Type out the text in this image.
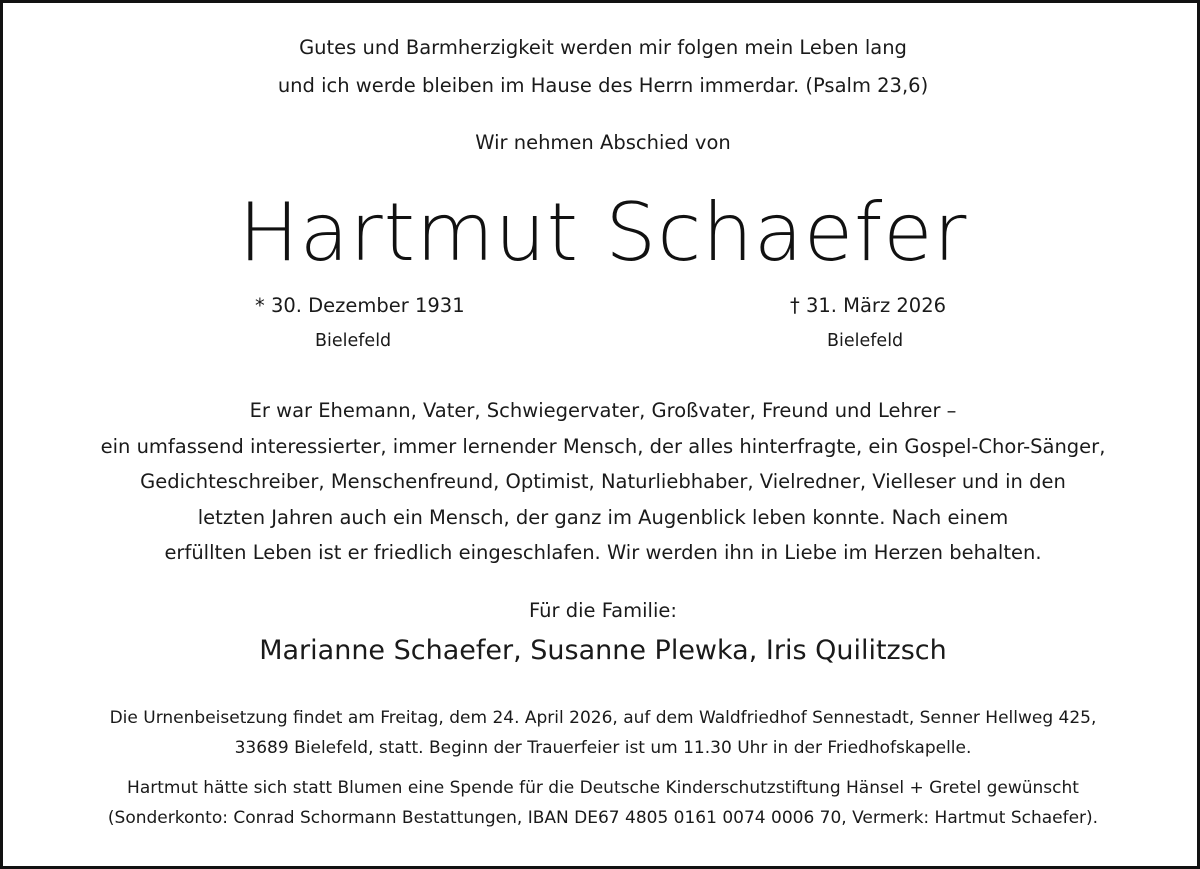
Gutes und Barmherzigkeit werden mir folgen mein Leben lang
und ich werde bleiben im Hause des Herrn immerdar. (Psalm 23,6)
Wir nehmen Abschied von
Hartmut Schaefer
* 30. Dezember 1931
Bielefeld
† 31. März 2026
Bielefeld
Er war Ehemann, Vater, Schwiegervater, Großvater, Freund und Lehrer –
ein umfassend interessierter, immer lernender Mensch, der alles hinterfragte, ein Gospel-Chor-Sänger,
Gedichteschreiber, Menschenfreund, Optimist, Naturliebhaber, Vielredner, Vielleser und in den
letzten Jahren auch ein Mensch, der ganz im Augenblick leben konnte. Nach einem
erfüllten Leben ist er friedlich eingeschlafen. Wir werden ihn in Liebe im Herzen behalten.
Für die Familie:
Marianne Schaefer, Susanne Plewka, Iris Quilitzsch
Die Urnenbeisetzung findet am Freitag, dem 24. April 2026, auf dem Waldfriedhof Sennestadt, Senner Hellweg 425,
33689 Bielefeld, statt. Beginn der Trauerfeier ist um 11.30 Uhr in der Friedhofskapelle.
Hartmut hätte sich statt Blumen eine Spende für die Deutsche Kinderschutzstiftung Hänsel + Gretel gewünscht
(Sonderkonto: Conrad Schormann Bestattungen, IBAN DE67 4805 0161 0074 0006 70, Vermerk: Hartmut Schaefer).
